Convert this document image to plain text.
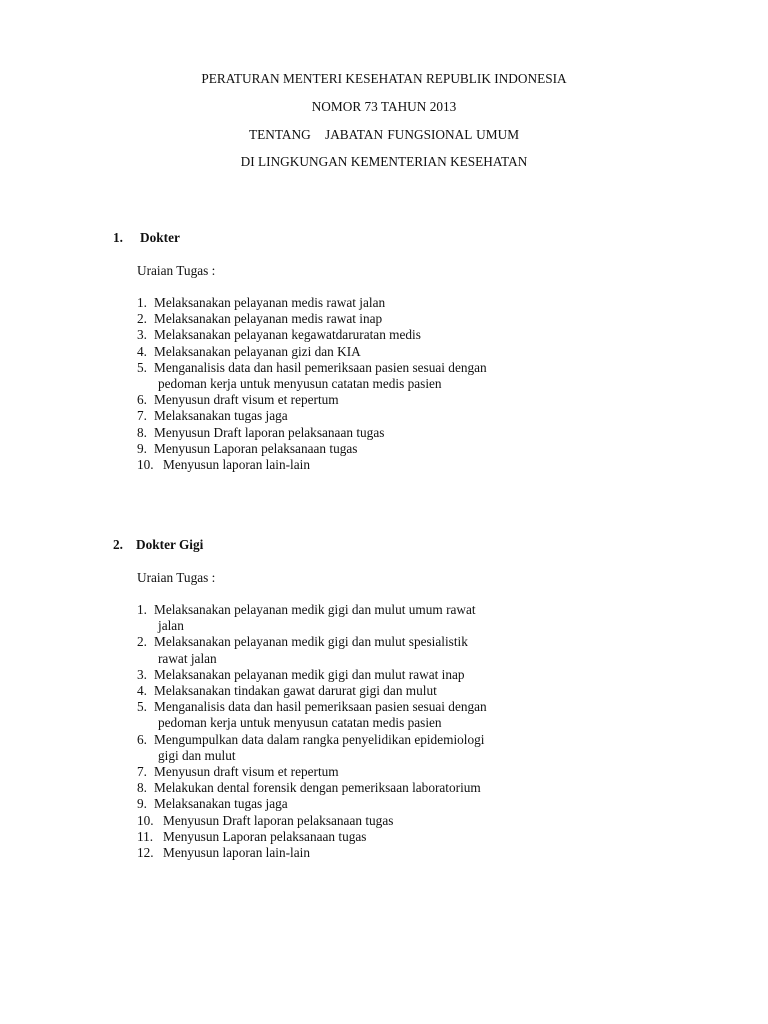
PERATURAN MENTERI KESEHATAN REPUBLIK INDONESIA
NOMOR 73 TAHUN 2013
TENTANG JABATAN FUNGSIONAL UMUM
DI LINGKUNGAN KEMENTERIAN KESEHATAN
1. Dokter
Uraian Tugas :
1. Melaksanakan pelayanan medis rawat jalan
2. Melaksanakan pelayanan medis rawat inap
3. Melaksanakan pelayanan kegawatdaruratan medis
4. Melaksanakan pelayanan gizi dan KIA
5. Menganalisis data dan hasil pemeriksaan pasien sesuai dengan
pedoman kerja untuk menyusun catatan medis pasien
6. Menyusun draft visum et repertum
7. Melaksanakan tugas jaga
8. Menyusun Draft laporan pelaksanaan tugas
9. Menyusun Laporan pelaksanaan tugas
10. Menyusun laporan lain-lain
2. Dokter Gigi
Uraian Tugas :
1. Melaksanakan pelayanan medik gigi dan mulut umum rawat
jalan
2. Melaksanakan pelayanan medik gigi dan mulut spesialistik
rawat jalan
3. Melaksanakan pelayanan medik gigi dan mulut rawat inap
4. Melaksanakan tindakan gawat darurat gigi dan mulut
5. Menganalisis data dan hasil pemeriksaan pasien sesuai dengan
pedoman kerja untuk menyusun catatan medis pasien
6. Mengumpulkan data dalam rangka penyelidikan epidemiologi
gigi dan mulut
7. Menyusun draft visum et repertum
8. Melakukan dental forensik dengan pemeriksaan laboratorium
9. Melaksanakan tugas jaga
10. Menyusun Draft laporan pelaksanaan tugas
11. Menyusun Laporan pelaksanaan tugas
12. Menyusun laporan lain-lain
